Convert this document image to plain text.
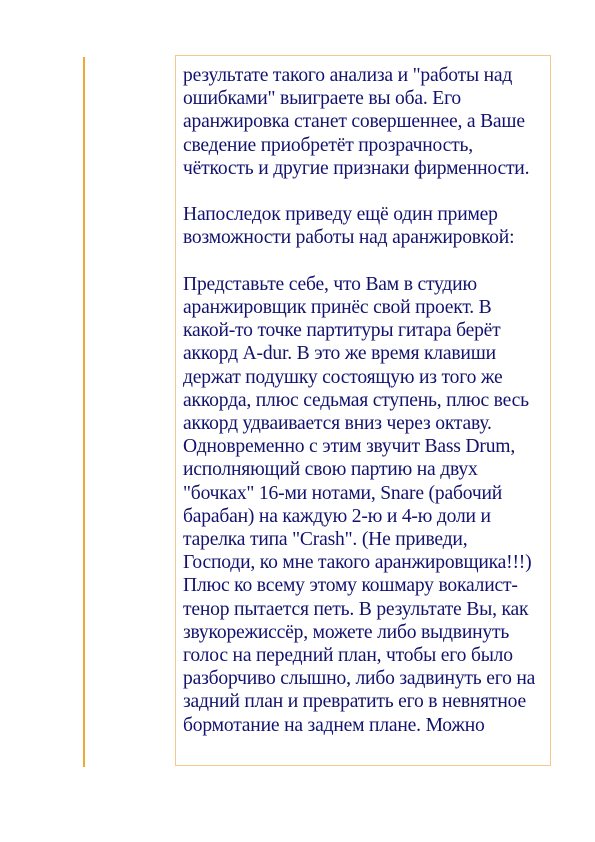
результате такого анализа и "работы над
ошибками" выиграете вы оба. Его
аранжировка станет совершеннее, а Ваше
сведение приобретёт прозрачность,
чёткость и другие признаки фирменности.

Напоследок приведу ещё один пример
возможности работы над аранжировкой:

Представьте себе, что Вам в студию
аранжировщик принёс свой проект. В
какой-то точке партитуры гитара берёт
аккорд A-dur. В это же время клавиши
держат подушку состоящую из того же
аккорда, плюс седьмая ступень, плюс весь
аккорд удваивается вниз через октаву.
Одновременно с этим звучит Bass Drum,
исполняющий свою партию на двух
"бочках" 16-ми нотами, Snare (рабочий
барабан) на каждую 2-ю и 4-ю доли и
тарелка типа "Crash". (Не приведи,
Господи, ко мне такого аранжировщика!!!)
Плюс ко всему этому кошмару вокалист-
тенор пытается петь. В результате Вы, как
звукорежиссёр, можете либо выдвинуть
голос на передний план, чтобы его было
разборчиво слышно, либо задвинуть его на
задний план и превратить его в невнятное
бормотание на заднем плане. Можно
